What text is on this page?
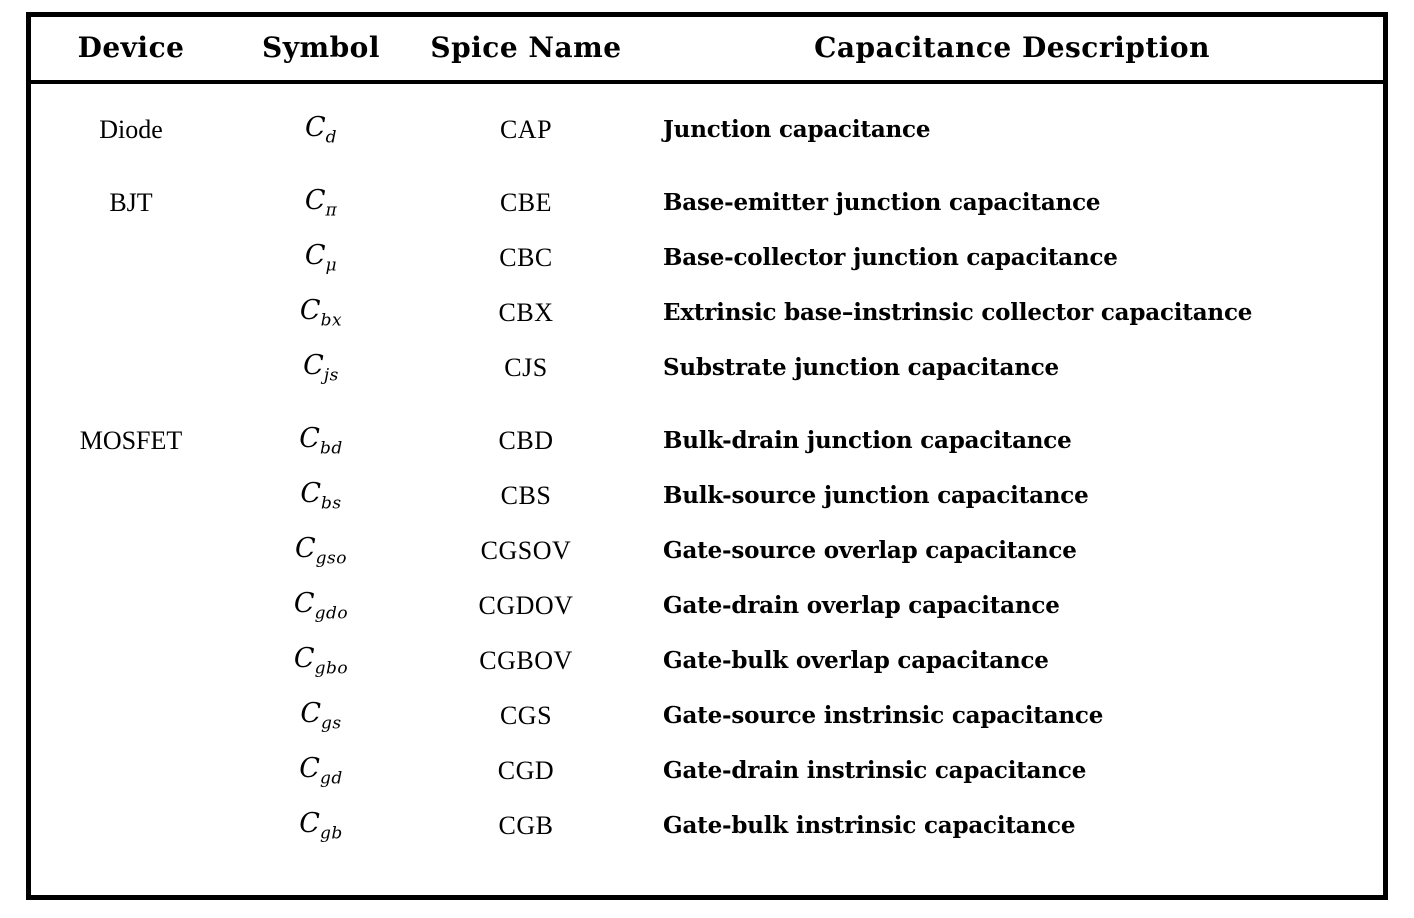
Device	Symbol	Spice Name	Capacitance Description
Diode	$C_d$	CAP	Junction capacitance
BJT	$C_\pi$	CBE	Base-emitter junction capacitance
	$C_\mu$	CBC	Base-collector junction capacitance
	$C_{bx}$	CBX	Extrinsic base–instrinsic collector capacitance
	$C_{js}$	CJS	Substrate junction capacitance
MOSFET	$C_{bd}$	CBD	Bulk-drain junction capacitance
	$C_{bs}$	CBS	Bulk-source junction capacitance
	$C_{gso}$	CGSOV	Gate-source overlap capacitance
	$C_{gdo}$	CGDOV	Gate-drain overlap capacitance
	$C_{gbo}$	CGBOV	Gate-bulk overlap capacitance
	$C_{gs}$	CGS	Gate-source instrinsic capacitance
	$C_{gd}$	CGD	Gate-drain instrinsic capacitance
	$C_{gb}$	CGB	Gate-bulk instrinsic capacitance
